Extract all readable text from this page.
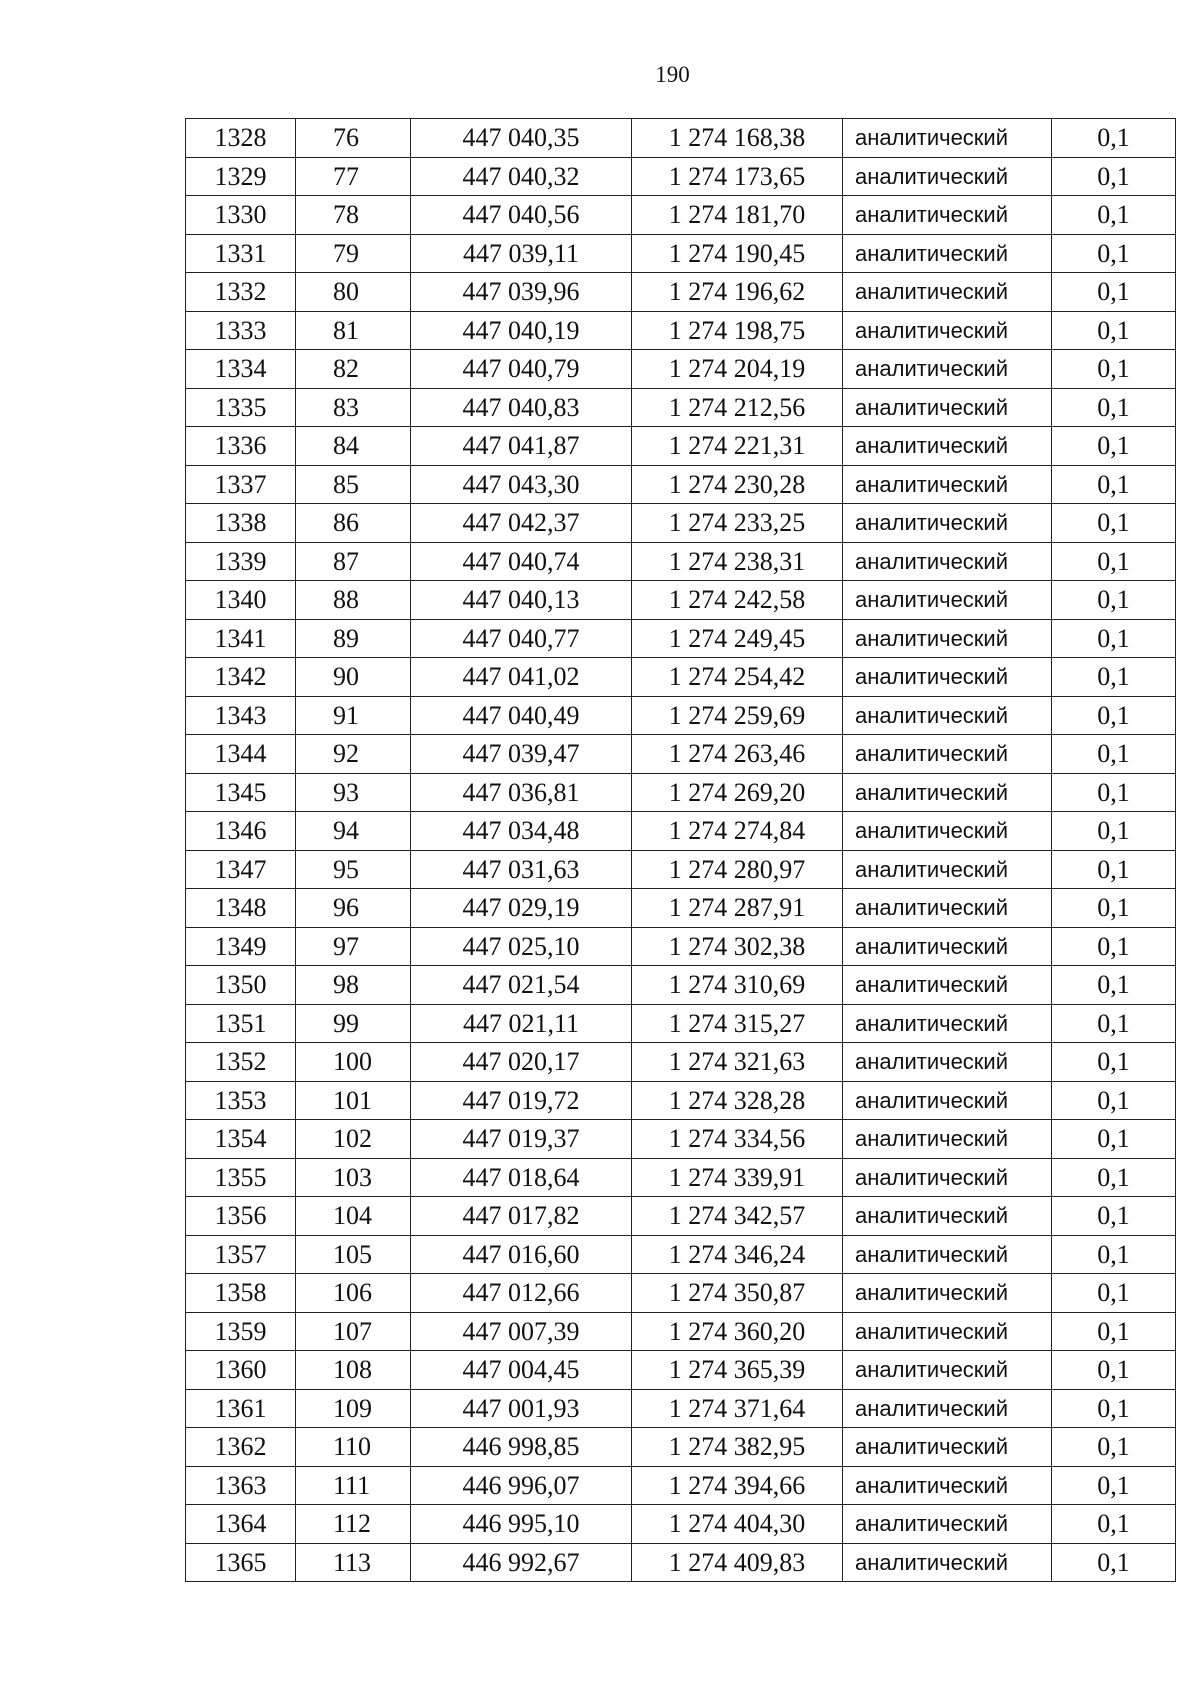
190
1328	76	447 040,35	1 274 168,38	аналитический	0,1
1329	77	447 040,32	1 274 173,65	аналитический	0,1
1330	78	447 040,56	1 274 181,70	аналитический	0,1
1331	79	447 039,11	1 274 190,45	аналитический	0,1
1332	80	447 039,96	1 274 196,62	аналитический	0,1
1333	81	447 040,19	1 274 198,75	аналитический	0,1
1334	82	447 040,79	1 274 204,19	аналитический	0,1
1335	83	447 040,83	1 274 212,56	аналитический	0,1
1336	84	447 041,87	1 274 221,31	аналитический	0,1
1337	85	447 043,30	1 274 230,28	аналитический	0,1
1338	86	447 042,37	1 274 233,25	аналитический	0,1
1339	87	447 040,74	1 274 238,31	аналитический	0,1
1340	88	447 040,13	1 274 242,58	аналитический	0,1
1341	89	447 040,77	1 274 249,45	аналитический	0,1
1342	90	447 041,02	1 274 254,42	аналитический	0,1
1343	91	447 040,49	1 274 259,69	аналитический	0,1
1344	92	447 039,47	1 274 263,46	аналитический	0,1
1345	93	447 036,81	1 274 269,20	аналитический	0,1
1346	94	447 034,48	1 274 274,84	аналитический	0,1
1347	95	447 031,63	1 274 280,97	аналитический	0,1
1348	96	447 029,19	1 274 287,91	аналитический	0,1
1349	97	447 025,10	1 274 302,38	аналитический	0,1
1350	98	447 021,54	1 274 310,69	аналитический	0,1
1351	99	447 021,11	1 274 315,27	аналитический	0,1
1352	100	447 020,17	1 274 321,63	аналитический	0,1
1353	101	447 019,72	1 274 328,28	аналитический	0,1
1354	102	447 019,37	1 274 334,56	аналитический	0,1
1355	103	447 018,64	1 274 339,91	аналитический	0,1
1356	104	447 017,82	1 274 342,57	аналитический	0,1
1357	105	447 016,60	1 274 346,24	аналитический	0,1
1358	106	447 012,66	1 274 350,87	аналитический	0,1
1359	107	447 007,39	1 274 360,20	аналитический	0,1
1360	108	447 004,45	1 274 365,39	аналитический	0,1
1361	109	447 001,93	1 274 371,64	аналитический	0,1
1362	110	446 998,85	1 274 382,95	аналитический	0,1
1363	111	446 996,07	1 274 394,66	аналитический	0,1
1364	112	446 995,10	1 274 404,30	аналитический	0,1
1365	113	446 992,67	1 274 409,83	аналитический	0,1
